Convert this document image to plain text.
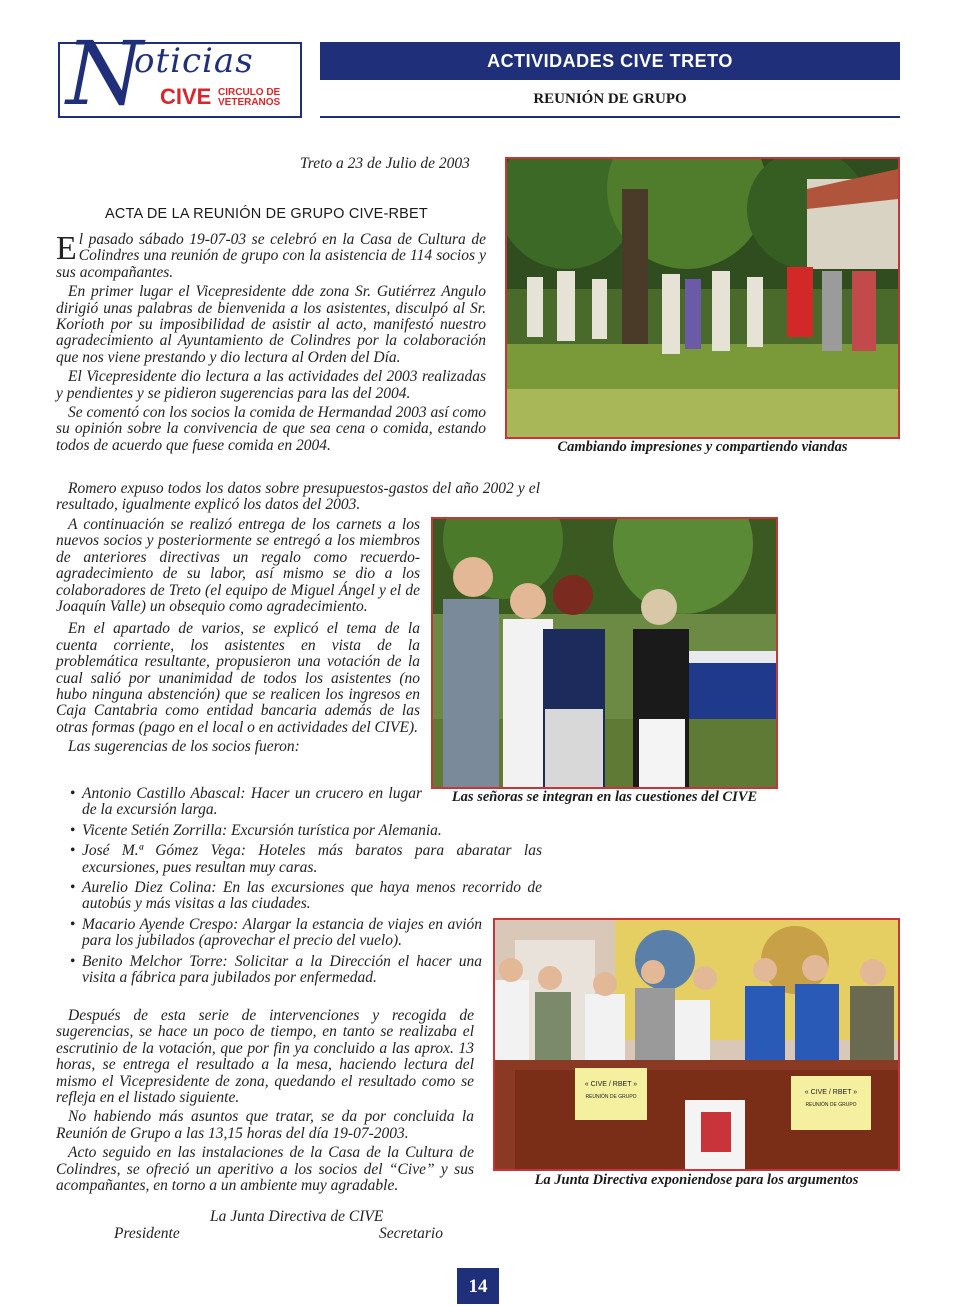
N
oticias
CIVE CIRCULO DE
VETERANOS
ACTIVIDADES CIVE TRETO
REUNIÓN DE GRUPO
Treto a 23 de Julio de 2003
ACTA DE LA REUNIÓN DE GRUPO CIVE-RBET

El pasado sábado 19-07-03 se celebró en la Casa de Cultura de Colindres una reunión de grupo con la asistencia de 114 socios y sus acompañantes.

En primer lugar el Vicepresidente dde zona Sr. Gutiérrez Angulo dirigió unas palabras de bienvenida a los asistentes, disculpó al Sr. Korioth por su imposibilidad de asistir al acto, manifestó nuestro agradecimiento al Ayuntamiento de Colindres por la colaboración que nos viene prestando y dio lectura al Orden del Día.

El Vicepresidente dio lectura a las actividades del 2003 realizadas y pendientes y se pidieron sugerencias para las del 2004.

Se comentó con los socios la comida de Hermandad 2003 así como su opinión sobre la convivencia de que sea cena o comida, estando todos de acuerdo que fuese comida en 2004.

Romero expuso todos los datos sobre presupuestos-gastos del año 2002 y el resultado, igualmente explicó los datos del 2003.

A continuación se realizó entrega de los carnets a los nuevos socios y posteriormente se entregó a los miembros de anteriores directivas un regalo como recuerdo-agradecimiento de su labor, así mismo se dio a los colaboradores de Treto (el equipo de Miguel Ángel y el de Joaquín Valle) un obsequio como agradecimiento.

En el apartado de varios, se explicó el tema de la cuenta corriente, los asistentes en vista de la problemática resultante, propusieron una votación de la cual salió por unanimidad de todos los asistentes (no hubo ninguna abstención) que se realicen los ingresos en Caja Cantabria como entidad bancaria además de las otras formas (pago en el local o en actividades del CIVE).

Las sugerencias de los socios fueron:

• Antonio Castillo Abascal: Hacer un crucero en lugar de la excursión larga.
• Vicente Setién Zorrilla: Excursión turística por Alemania.
• José M.ª Gómez Vega: Hoteles más baratos para abaratar las excursiones, pues resultan muy caras.
• Aurelio Diez Colina: En las excursiones que haya menos recorrido de autobús y más visitas a las ciudades.
• Macario Ayende Crespo: Alargar la estancia de viajes en avión para los jubilados (aprovechar el precio del vuelo).
• Benito Melchor Torre: Solicitar a la Dirección el hacer una visita a fábrica para jubilados por enfermedad.

Después de esta serie de intervenciones y recogida de sugerencias, se hace un poco de tiempo, en tanto se realizaba el escrutinio de la votación, que por fin ya concluido a las aprox. 13 horas, se entrega el resultado a la mesa, haciendo lectura del mismo el Vicepresidente de zona, quedando el resultado como se refleja en el listado siguiente.

No habiendo más asuntos que tratar, se da por concluida la Reunión de Grupo a las 13,15 horas del día 19-07-2003.

Acto seguido en las instalaciones de la Casa de la Cultura de Colindres, se ofreció un aperitivo a los socios del “Cive” y sus acompañantes, en torno a un ambiente muy agradable.

La Junta Directiva de CIVE
Presidente	Secretario
Cambiando impresiones y compartiendo viandas
Las señoras se integran en las cuestiones del CIVE
« CIVE / RBET »
REUNIÓN DE GRUPO
« CIVE / RBET »
REUNIÓN DE GRUPO
La Junta Directiva exponiendose para los argumentos
14
